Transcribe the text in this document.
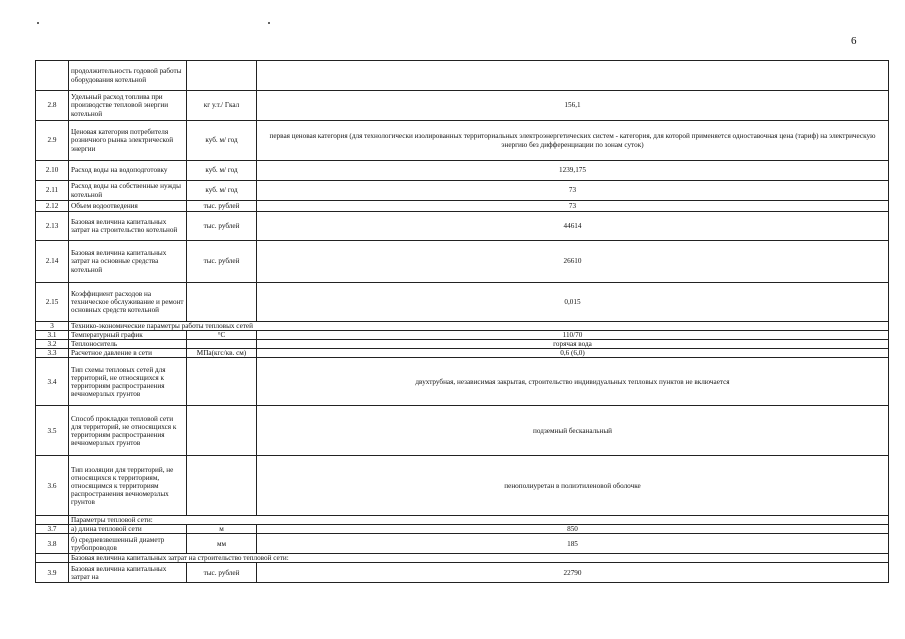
6
	продолжительность годовой работы оборудования котельной		
2.8	Удельный расход топлива при производстве тепловой энергии котельной	кг у.т./ Гкал	156,1
2.9	Ценовая категория потребителя розничного рынка электрической энергии	куб. м/ год	первая ценовая категория (для технологически изолированных территориальных электроэнергетических систем - категория, для которой применяется одноставочная цена (тариф) на электрическую энергию без дифференциации по зонам суток)
2.10	Расход воды на водоподготовку	куб. м/ год	1239,175
2.11	Расход воды на собственные нужды котельной	куб. м/ год	73
2.12	Объем водоотведения	тыс. рублей	73
2.13	Базовая величина капитальных затрат на строительство котельной	тыс. рублей	44614
2.14	Базовая величина капитальных затрат на основные средства котельной	тыс. рублей	26610
2.15	Коэффициент расходов на техническое обслуживание и ремонт основных средств котельной		0,015
3	Технико-экономические параметры работы тепловых сетей		
3.1	Температурный график	°С	110/70
3.2	Теплоноситель		горячая вода
3.3	Расчетное давление в сети	МПа(кгс/кв. см)	0,6 (6,0)
3.4	Тип схемы тепловых сетей для территорий, не относящихся к территориям распространения вечномерзлых грунтов		двухтрубная, независимая закрытая, строительство индивидуальных тепловых пунктов не включается
3.5	Способ прокладки тепловой сети для территорий, не относящихся к территориям распространения вечномерзлых грунтов		подземный бесканальный
3.6	Тип изоляции для территорий, не относящихся к территориям, относящимся к территориям распространения вечномерзлых грунтов		пенополиуретан в полиэтиленовой оболочке
	Параметры тепловой сети:		
3.7	а) длина тепловой сети	м	850
3.8	б) средневзвешенный диаметр трубопроводов	мм	185
	Базовая величина капитальных затрат на строительство тепловой сети:		
3.9	Базовая величина капитальных затрат на	тыс. рублей	22790
